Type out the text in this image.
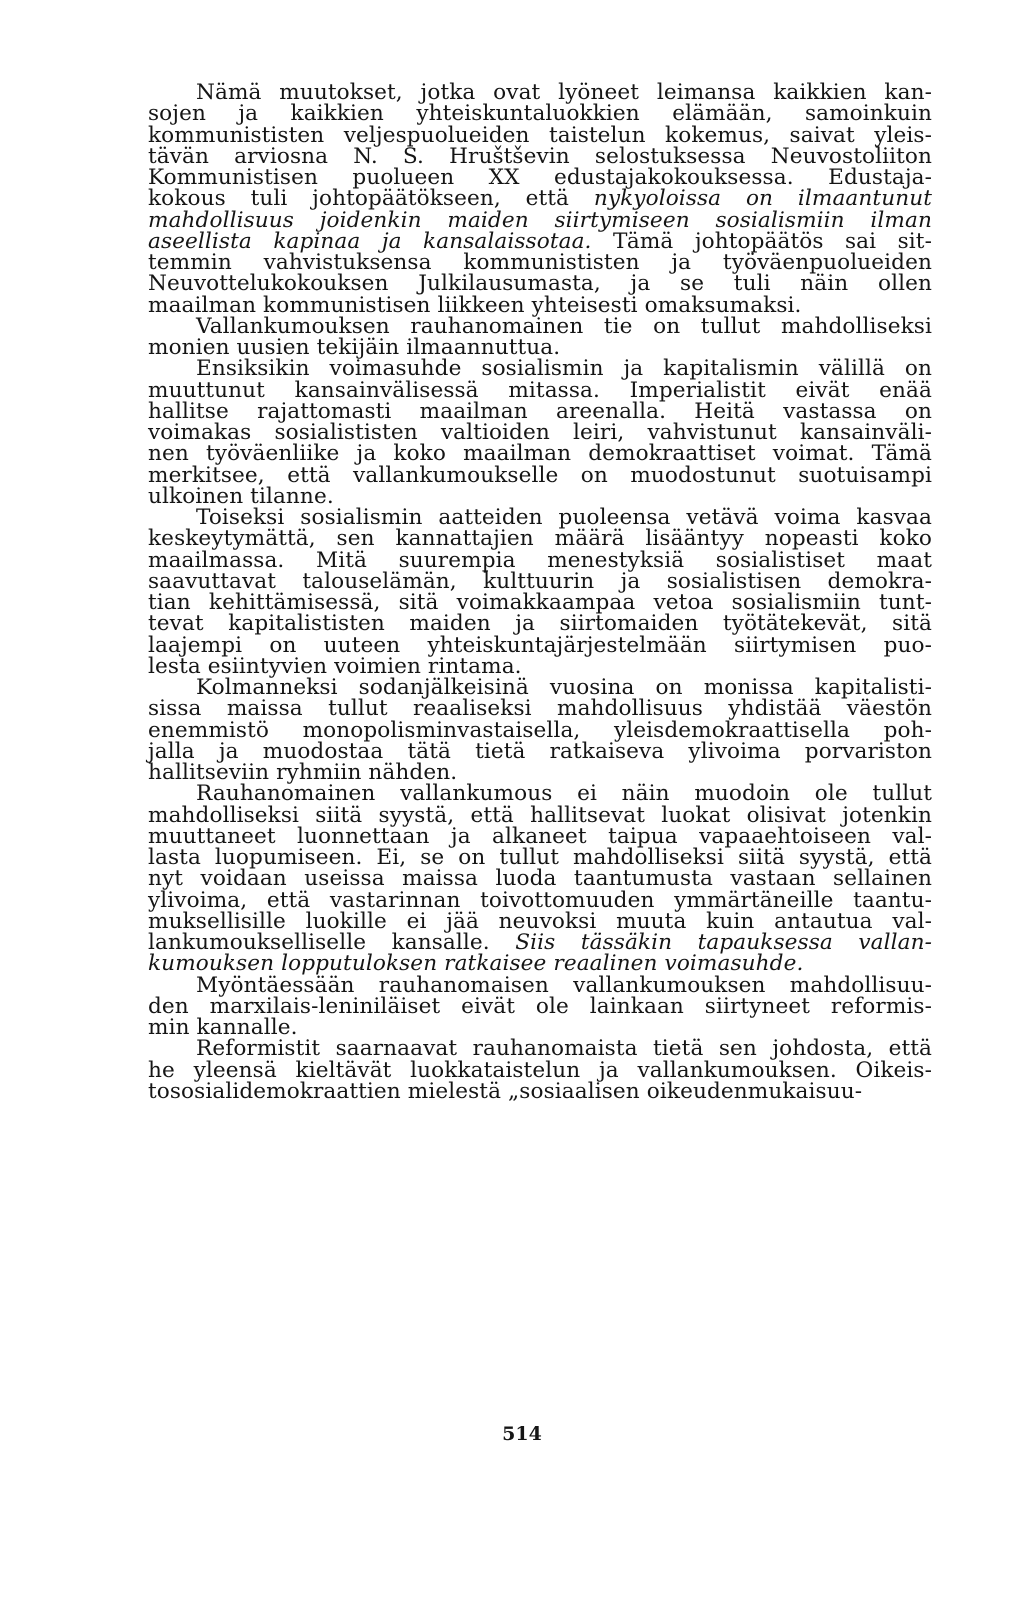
Nämä muutokset, jotka ovat lyöneet leimansa kaikkien kan-
sojen ja kaikkien yhteiskuntaluokkien elämään, samoinkuin
kommunististen veljespuolueiden taistelun kokemus, saivat yleis-
tävän arviosna N. S. Hruštševin selostuksessa Neuvostoliiton
Kommunistisen puolueen XX edustajakokouksessa. Edustaja-
kokous tuli johtopäätökseen, että nykyoloissa on ilmaantunut
mahdollisuus joidenkin maiden siirtymiseen sosialismiin ilman
aseellista kapinaa ja kansalaissotaa. Tämä johtopäätös sai sit-
temmin vahvistuksensa kommunististen ja työväenpuolueiden
Neuvottelukokouksen Julkilausumasta, ja se tuli näin ollen
maailman kommunistisen liikkeen yhteisesti omaksumaksi.
Vallankumouksen rauhanomainen tie on tullut mahdolliseksi
monien uusien tekijäin ilmaannuttua.
Ensiksikin voimasuhde sosialismin ja kapitalismin välillä on
muuttunut kansainvälisessä mitassa. Imperialistit eivät enää
hallitse rajattomasti maailman areenalla. Heitä vastassa on
voimakas sosialististen valtioiden leiri, vahvistunut kansainväli-
nen työväenliike ja koko maailman demokraattiset voimat. Tämä
merkitsee, että vallankumoukselle on muodostunut suotuisampi
ulkoinen tilanne.
Toiseksi sosialismin aatteiden puoleensa vetävä voima kasvaa
keskeytymättä, sen kannattajien määrä lisääntyy nopeasti koko
maailmassa. Mitä suurempia menestyksiä sosialistiset maat
saavuttavat talouselämän, kulttuurin ja sosialistisen demokra-
tian kehittämisessä, sitä voimakkaampaa vetoa sosialismiin tunt-
tevat kapitalististen maiden ja siirtomaiden työtätekevät, sitä
laajempi on uuteen yhteiskuntajärjestelmään siirtymisen puo-
lesta esiintyvien voimien rintama.
Kolmanneksi sodanjälkeisinä vuosina on monissa kapitalisti-
sissa maissa tullut reaaliseksi mahdollisuus yhdistää väestön
enemmistö monopolisminvastaisella, yleisdemokraattisella poh-
jalla ja muodostaa tätä tietä ratkaiseva ylivoima porvariston
hallitseviin ryhmiin nähden.
Rauhanomainen vallankumous ei näin muodoin ole tullut
mahdolliseksi siitä syystä, että hallitsevat luokat olisivat jotenkin
muuttaneet luonnettaan ja alkaneet taipua vapaaehtoiseen val-
lasta luopumiseen. Ei, se on tullut mahdolliseksi siitä syystä, että
nyt voidaan useissa maissa luoda taantumusta vastaan sellainen
ylivoima, että vastarinnan toivottomuuden ymmärtäneille taantu-
muksellisille luokille ei jää neuvoksi muuta kuin antautua val-
lankumoukselliselle kansalle. Siis tässäkin tapauksessa vallan-
kumouksen lopputuloksen ratkaisee reaalinen voimasuhde.
Myöntäessään rauhanomaisen vallankumouksen mahdollisuu-
den marxilais-leniniläiset eivät ole lainkaan siirtyneet reformis-
min kannalle.
Reformistit saarnaavat rauhanomaista tietä sen johdosta, että
he yleensä kieltävät luokkataistelun ja vallankumouksen. Oikeis-
tososialidemokraattien mielestä „sosiaalisen oikeudenmukaisuu-
514
